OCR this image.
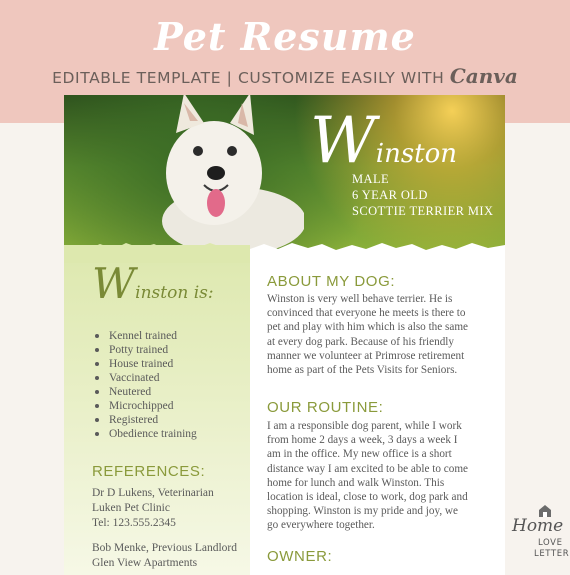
Pet Resume
EDITABLE TEMPLATE | CUSTOMIZE EASILY WITH Canva
Winston
MALE
6 YEAR OLD
SCOTTIE TERRIER MIX
Winston is:
Kennel trained
Potty trained
House trained
Vaccinated
Neutered
Microchipped
Registered
Obedience training
REFERENCES:
Dr D Lukens, Veterinarian
Luken Pet Clinic
Tel: 123.555.2345
Bob Menke, Previous Landlord
Glen View Apartments
ABOUT MY DOG:
Winston is very well behave terrier. He is
convinced that everyone he meets is there to
pet and play with him which is also the same
at every dog park. Because of his friendly
manner we volunteer at Primrose retirement
home as part of the Pets Visits for Seniors.
OUR ROUTINE:
I am a responsible dog parent, while I work
from home 2 days a week, 3 days a week I
am in the office. My new office is a short
distance way I am excited to be able to come
home for lunch and walk Winston. This
location is ideal, close to work, dog park and
shopping. Winston is my pride and joy, we
go everywhere together.
OWNER:
Home
LOVE
LETTER
